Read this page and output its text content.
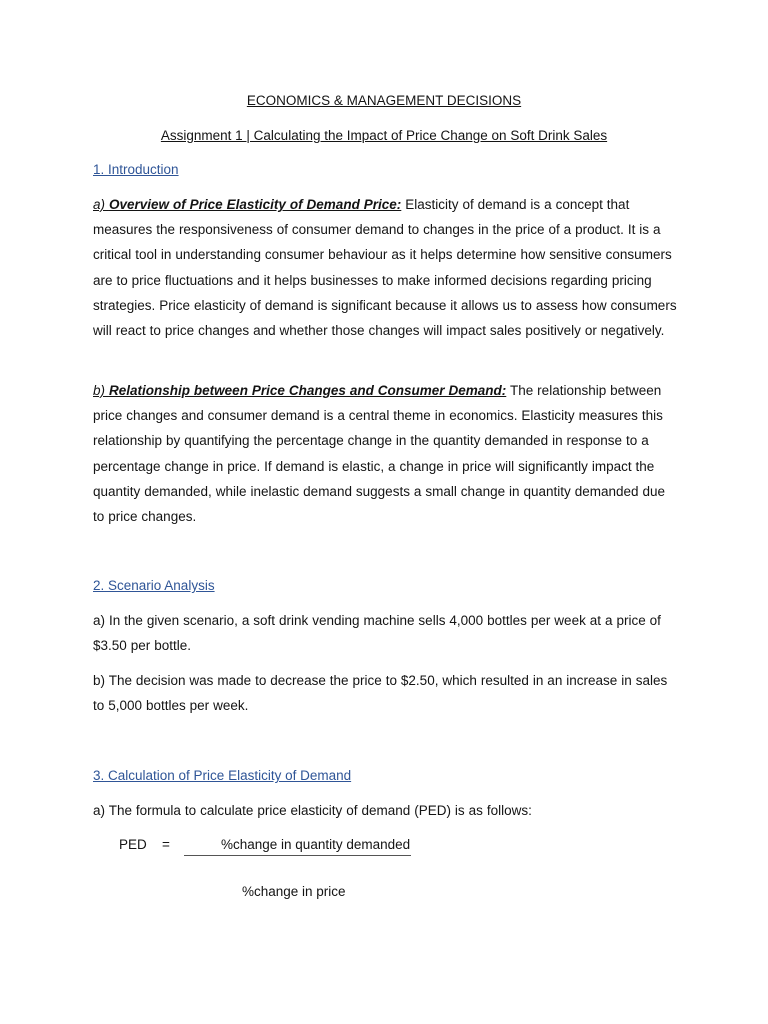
ECONOMICS & MANAGEMENT DECISIONS
Assignment 1 | Calculating the Impact of Price Change on Soft Drink Sales
1. Introduction
a) Overview of Price Elasticity of Demand Price: Elasticity of demand is a concept that measures the responsiveness of consumer demand to changes in the price of a product. It is a critical tool in understanding consumer behaviour as it helps determine how sensitive consumers are to price fluctuations and it helps businesses to make informed decisions regarding pricing strategies. Price elasticity of demand is significant because it allows us to assess how consumers will react to price changes and whether those changes will impact sales positively or negatively.
b) Relationship between Price Changes and Consumer Demand: The relationship between price changes and consumer demand is a central theme in economics. Elasticity measures this relationship by quantifying the percentage change in the quantity demanded in response to a percentage change in price. If demand is elastic, a change in price will significantly impact the quantity demanded, while inelastic demand suggests a small change in quantity demanded due to price changes.
2. Scenario Analysis
a) In the given scenario, a soft drink vending machine sells 4,000 bottles per week at a price of $3.50 per bottle.
b) The decision was made to decrease the price to $2.50, which resulted in an increase in sales to 5,000 bottles per week.
3. Calculation of Price Elasticity of Demand
a) The formula to calculate price elasticity of demand (PED) is as follows:
PED =	%change in quantity demanded
%change in price
